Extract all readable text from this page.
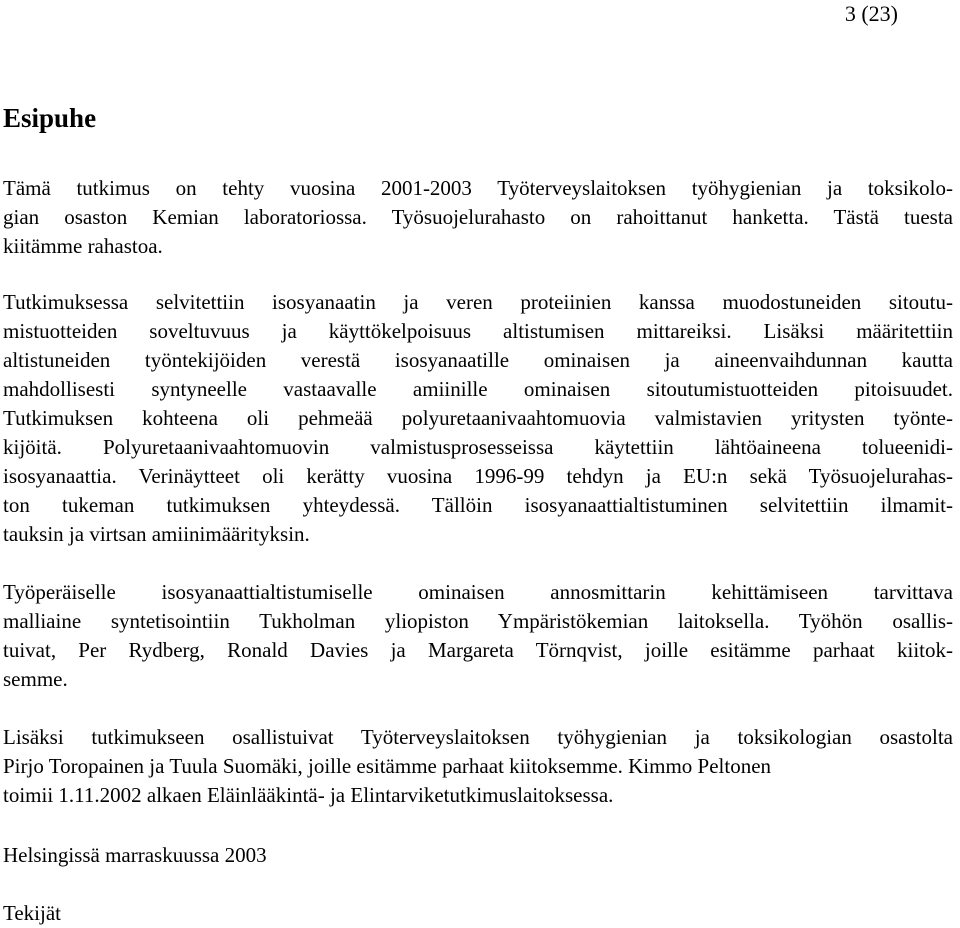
3 (23)
Esipuhe
Tämä tutkimus on tehty vuosina 2001-2003 Työterveyslaitoksen työhygienian ja toksikolo-
gian osaston Kemian laboratoriossa. Työsuojelurahasto on rahoittanut hanketta. Tästä tuesta
kiitämme rahastoa.
Tutkimuksessa selvitettiin isosyanaatin ja veren proteiinien kanssa muodostuneiden sitoutu-
mistuotteiden soveltuvuus ja käyttökelpoisuus altistumisen mittareiksi. Lisäksi määritettiin
altistuneiden työntekijöiden verestä isosyanaatille ominaisen ja aineenvaihdunnan kautta
mahdollisesti syntyneelle vastaavalle amiinille ominaisen sitoutumistuotteiden pitoisuudet.
Tutkimuksen kohteena oli pehmeää polyuretaanivaahtomuovia valmistavien yritysten työnte-
kijöitä. Polyuretaanivaahtomuovin valmistusprosesseissa käytettiin lähtöaineena tolueenidi-
isosyanaattia. Verinäytteet oli kerätty vuosina 1996-99 tehdyn ja EU:n sekä Työsuojelurahas-
ton tukeman tutkimuksen yhteydessä. Tällöin isosyanaattialtistuminen selvitettiin ilmamit-
tauksin ja virtsan amiinimäärityksin.
Työperäiselle isosyanaattialtistumiselle ominaisen annosmittarin kehittämiseen tarvittava
malliaine syntetisointiin Tukholman yliopiston Ympäristökemian laitoksella. Työhön osallis-
tuivat, Per Rydberg, Ronald Davies ja Margareta Törnqvist, joille esitämme parhaat kiitok-
semme.
Lisäksi tutkimukseen osallistuivat Työterveyslaitoksen työhygienian ja toksikologian osastolta
Pirjo Toropainen ja Tuula Suomäki, joille esitämme parhaat kiitoksemme. Kimmo Peltonen
toimii 1.11.2002 alkaen Eläinlääkintä- ja Elintarviketutkimuslaitoksessa.
Helsingissä marraskuussa 2003
Tekijät
